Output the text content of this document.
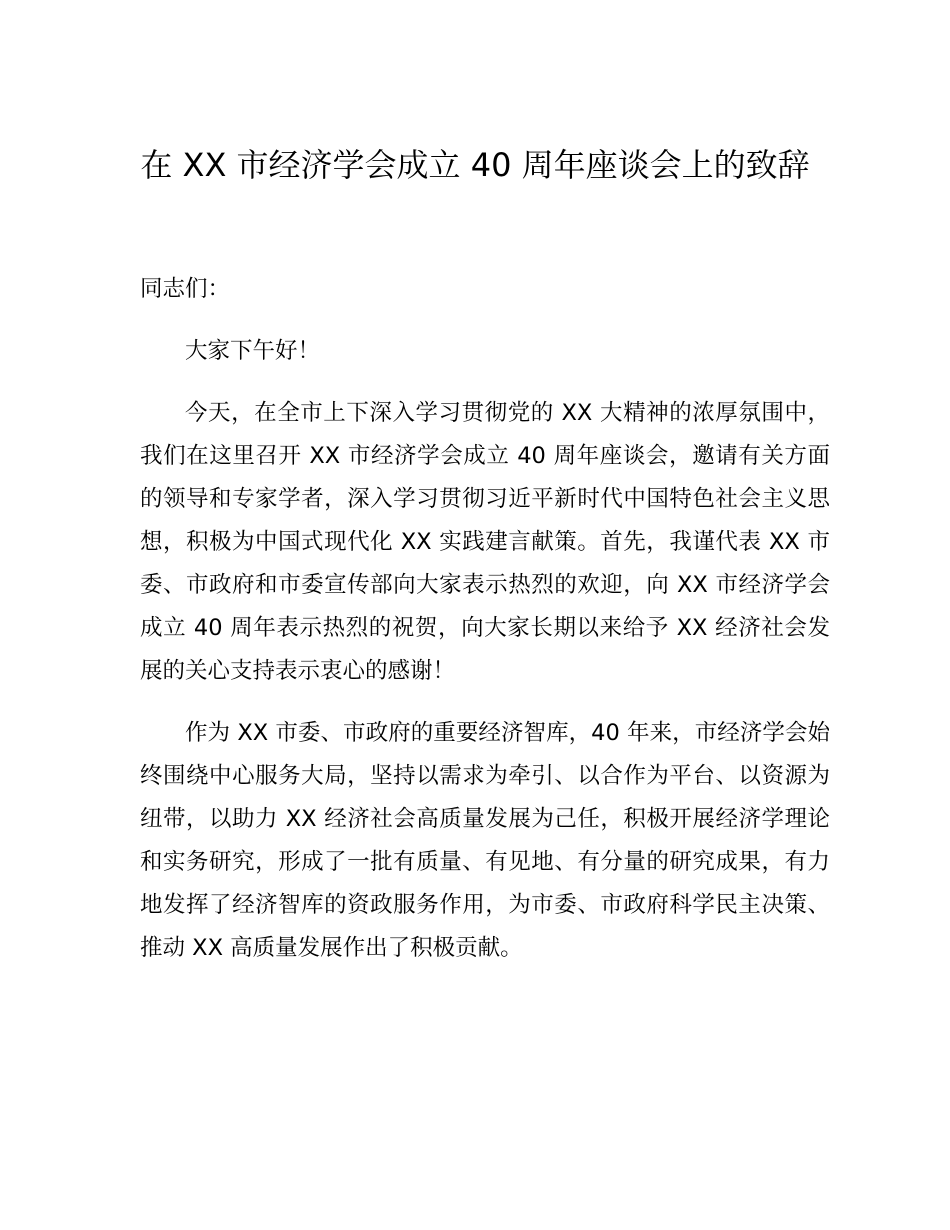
在 XX 市经济学会成立 40 周年座谈会上的致辞

同志们：

大家下午好！

今天，在全市上下深入学习贯彻党的 XX 大精神的浓厚氛围中，我们在这里召开 XX 市经济学会成立 40 周年座谈会，邀请有关方面的领导和专家学者，深入学习贯彻习近平新时代中国特色社会主义思想，积极为中国式现代化 XX 实践建言献策。首先，我谨代表 XX 市委、市政府和市委宣传部向大家表示热烈的欢迎，向 XX 市经济学会成立 40 周年表示热烈的祝贺，向大家长期以来给予 XX 经济社会发展的关心支持表示衷心的感谢！

作为 XX 市委、市政府的重要经济智库，40 年来，市经济学会始终围绕中心服务大局，坚持以需求为牵引、以合作为平台、以资源为纽带，以助力 XX 经济社会高质量发展为己任，积极开展经济学理论和实务研究，形成了一批有质量、有见地、有分量的研究成果，有力地发挥了经济智库的资政服务作用，为市委、市政府科学民主决策、推动 XX 高质量发展作出了积极贡献。
